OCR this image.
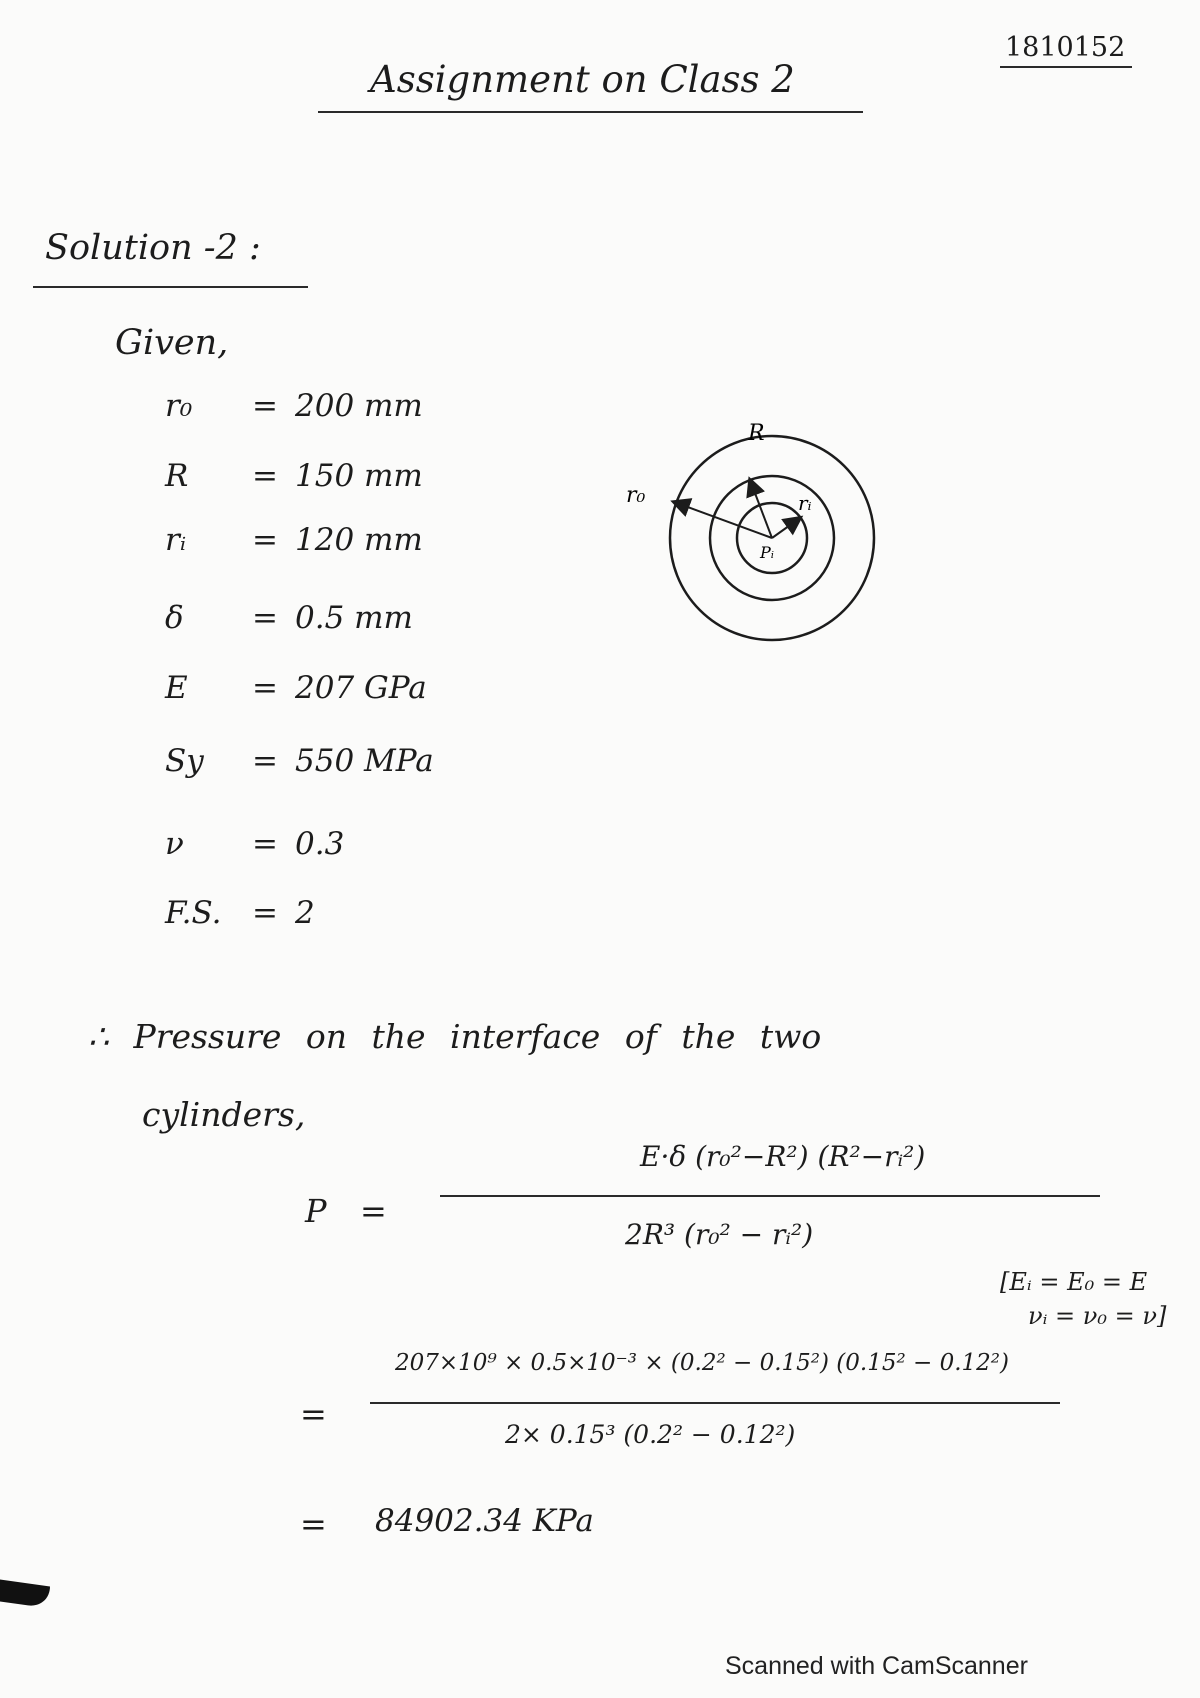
1810152
Assignment on Class 2
Solution -2 :
Given,
r₀ = 200 mm
R = 150 mm
rᵢ = 120 mm
δ = 0.5 mm
E = 207 GPa
Sy = 550 MPa
ν = 0.3
F.S. = 2
r₀
R
rᵢ
Pᵢ
∴ Pressure on the interface of the two
cylinders,
P =
E·δ (r₀²−R²) (R²−rᵢ²)
2R³ (r₀² − rᵢ²)
[Eᵢ = E₀ = E
νᵢ = ν₀ = ν]
=
207×10⁹ × 0.5×10⁻³ × (0.2² − 0.15²) (0.15² − 0.12²)
2× 0.15³ (0.2² − 0.12²)
= 84902.34 KPa
Scanned with CamScanner
